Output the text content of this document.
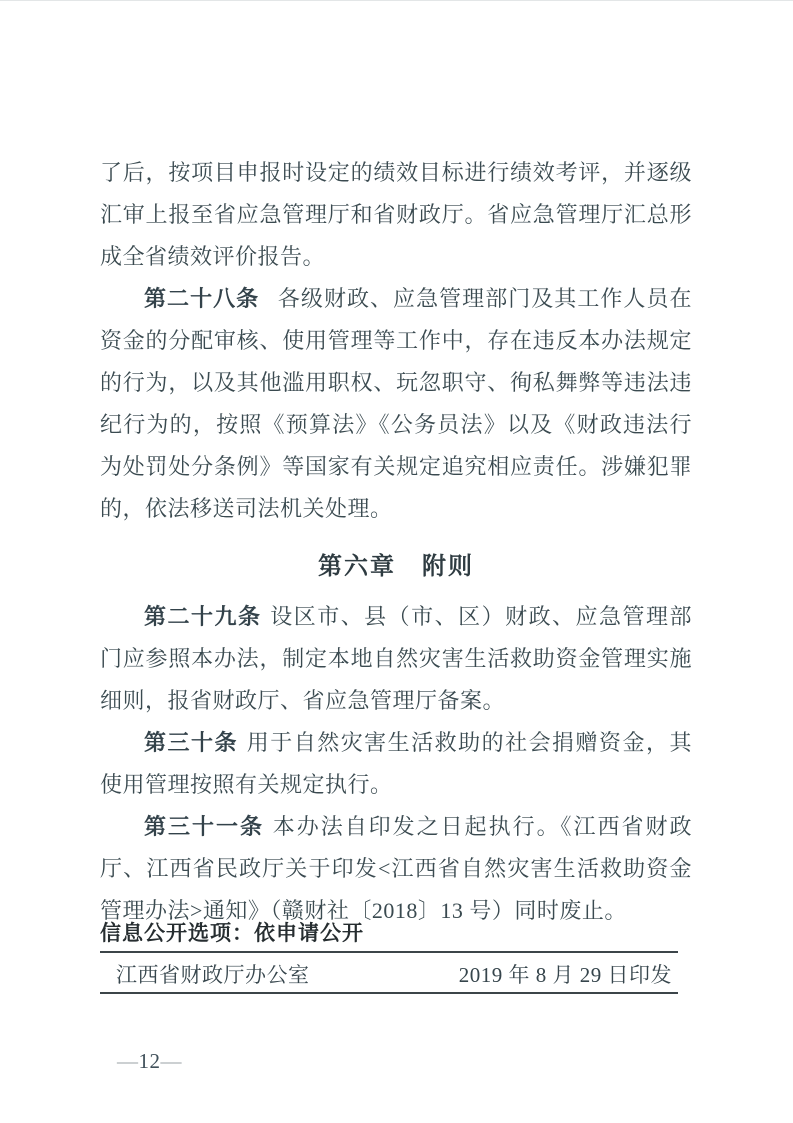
了后，按项目申报时设定的绩效目标进行绩效考评，并逐级汇审上报至省应急管理厅和省财政厅。省应急管理厅汇总形成全省绩效评价报告。

第二十八条 各级财政、应急管理部门及其工作人员在资金的分配审核、使用管理等工作中，存在违反本办法规定的行为，以及其他滥用职权、玩忽职守、徇私舞弊等违法违纪行为的，按照《预算法》《公务员法》以及《财政违法行为处罚处分条例》等国家有关规定追究相应责任。涉嫌犯罪的，依法移送司法机关处理。

第六章　附则

第二十九条 设区市、县（市、区）财政、应急管理部门应参照本办法，制定本地自然灾害生活救助资金管理实施细则，报省财政厅、省应急管理厅备案。

第三十条 用于自然灾害生活救助的社会捐赠资金，其使用管理按照有关规定执行。

第三十一条 本办法自印发之日起执行。《江西省财政厅、江西省民政厅关于印发<江西省自然灾害生活救助资金管理办法>通知》（赣财社〔2018〕13 号）同时废止。

信息公开选项：依申请公开
江西省财政厅办公室	2019 年 8 月 29 日印发
—12—
